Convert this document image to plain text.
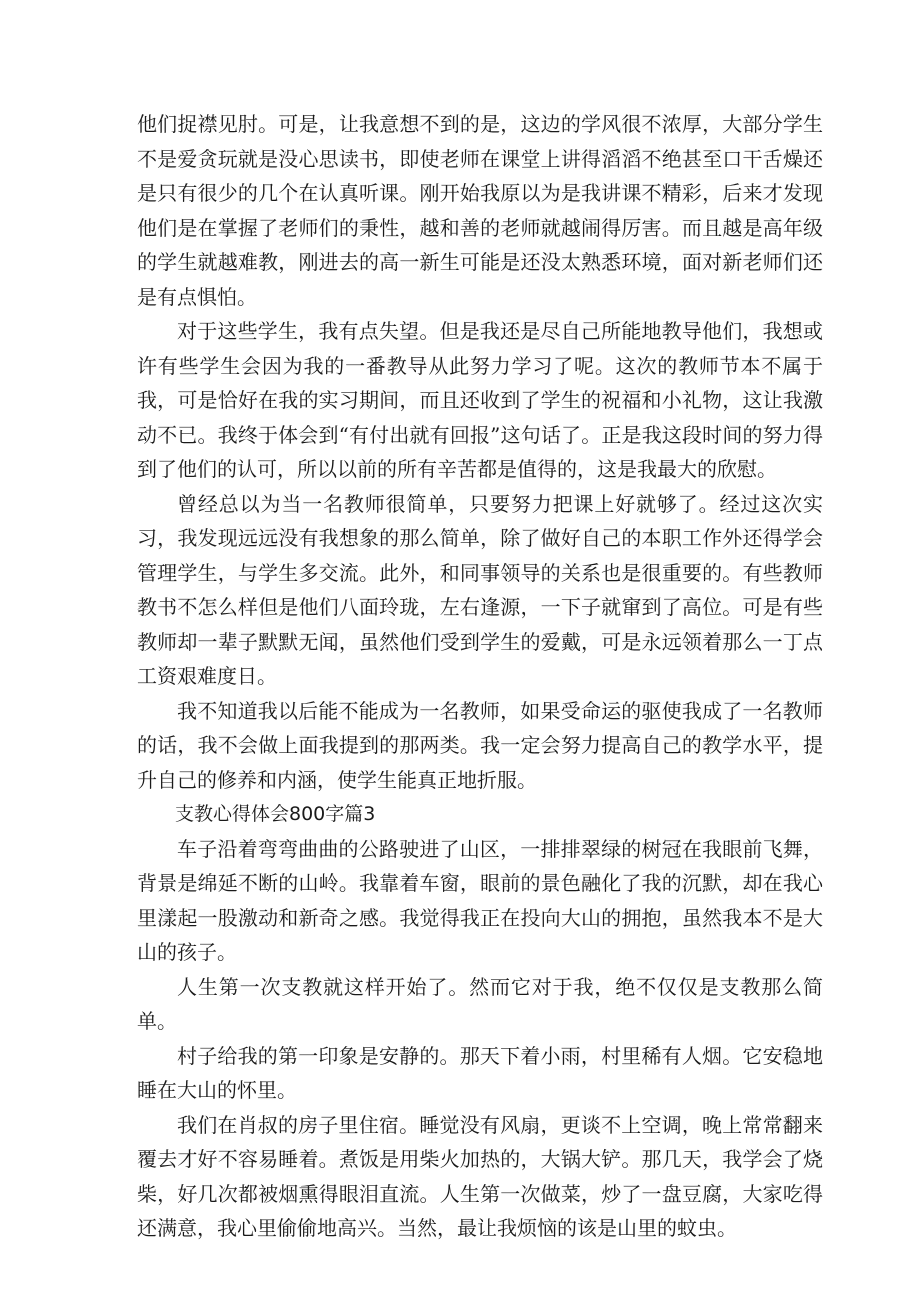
他们捉襟见肘。可是，让我意想不到的是，这边的学风很不浓厚，大部分学生不是爱贪玩就是没心思读书，即使老师在课堂上讲得滔滔不绝甚至口干舌燥还是只有很少的几个在认真听课。刚开始我原以为是我讲课不精彩，后来才发现他们是在掌握了老师们的秉性，越和善的老师就越闹得厉害。而且越是高年级的学生就越难教，刚进去的高一新生可能是还没太熟悉环境，面对新老师们还是有点惧怕。

对于这些学生，我有点失望。但是我还是尽自己所能地教导他们，我想或许有些学生会因为我的一番教导从此努力学习了呢。这次的教师节本不属于我，可是恰好在我的实习期间，而且还收到了学生的祝福和小礼物，这让我激动不已。我终于体会到“有付出就有回报”这句话了。正是我这段时间的努力得到了他们的认可，所以以前的所有辛苦都是值得的，这是我最大的欣慰。

曾经总以为当一名教师很简单，只要努力把课上好就够了。经过这次实习，我发现远远没有我想象的那么简单，除了做好自己的本职工作外还得学会管理学生，与学生多交流。此外，和同事领导的关系也是很重要的。有些教师教书不怎么样但是他们八面玲珑，左右逢源，一下子就窜到了高位。可是有些教师却一辈子默默无闻，虽然他们受到学生的爱戴，可是永远领着那么一丁点工资艰难度日。

我不知道我以后能不能成为一名教师，如果受命运的驱使我成了一名教师的话，我不会做上面我提到的那两类。我一定会努力提高自己的教学水平，提升自己的修养和内涵，使学生能真正地折服。

支教心得体会800字篇3

车子沿着弯弯曲曲的公路驶进了山区，一排排翠绿的树冠在我眼前飞舞，背景是绵延不断的山岭。我靠着车窗，眼前的景色融化了我的沉默，却在我心里漾起一股激动和新奇之感。我觉得我正在投向大山的拥抱，虽然我本不是大山的孩子。

人生第一次支教就这样开始了。然而它对于我，绝不仅仅是支教那么简单。

村子给我的第一印象是安静的。那天下着小雨，村里稀有人烟。它安稳地睡在大山的怀里。

我们在肖叔的房子里住宿。睡觉没有风扇，更谈不上空调，晚上常常翻来覆去才好不容易睡着。煮饭是用柴火加热的，大锅大铲。那几天，我学会了烧柴，好几次都被烟熏得眼泪直流。人生第一次做菜，炒了一盘豆腐，大家吃得还满意，我心里偷偷地高兴。当然，最让我烦恼的该是山里的蚊虫。
